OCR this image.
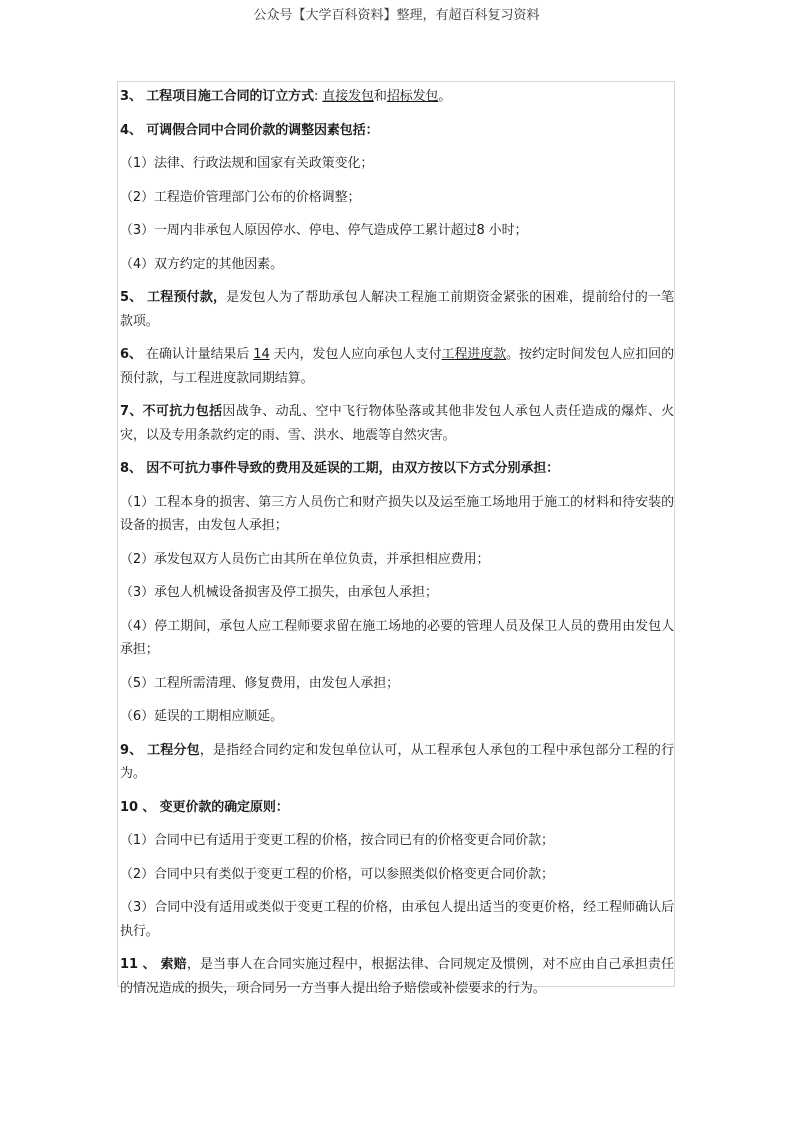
公众号【大学百科资料】整理，有超百科复习资料

3、 工程项目施工合同的订立方式: 直接发包和招标发包。

4、 可调假合同中合同价款的调整因素包括：

（1）法律、行政法规和国家有关政策变化；

（2）工程造价管理部门公布的价格调整；

（3）一周内非承包人原因停水、停电、停气造成停工累计超过8 小时；

（4）双方约定的其他因素。

5、 工程预付款，是发包人为了帮助承包人解决工程施工前期资金紧张的困难，提前给付的一笔款项。

6、 在确认计量结果后 14 天内，发包人应向承包人支付工程进度款。按约定时间发包人应扣回的预付款，与工程进度款同期结算。

7、不可抗力包括因战争、动乱、空中飞行物体坠落或其他非发包人承包人责任造成的爆炸、火灾，以及专用条款约定的雨、雪、洪水、地震等自然灾害。

8、 因不可抗力事件导致的费用及延误的工期，由双方按以下方式分别承担：

（1）工程本身的损害、第三方人员伤亡和财产损失以及运至施工场地用于施工的材料和待安装的设备的损害，由发包人承担；

（2）承发包双方人员伤亡由其所在单位负责，并承担相应费用；

（3）承包人机械设备损害及停工损失，由承包人承担；

（4）停工期间，承包人应工程师要求留在施工场地的必要的管理人员及保卫人员的费用由发包人承担；

（5）工程所需清理、修复费用，由发包人承担；

（6）延误的工期相应顺延。

9、 工程分包，是指经合同约定和发包单位认可，从工程承包人承包的工程中承包部分工程的行为。

10 、 变更价款的确定原则：

（1）合同中已有适用于变更工程的价格，按合同已有的价格变更合同价款；

（2）合同中只有类似于变更工程的价格，可以参照类似价格变更合同价款；

（3）合同中没有适用或类似于变更工程的价格，由承包人提出适当的变更价格，经工程师确认后执行。

11 、 索赔，是当事人在合同实施过程中，根据法律、合同规定及惯例，对不应由自己承担责任的情况造成的损失，项合同另一方当事人提出给予赔偿或补偿要求的行为。
